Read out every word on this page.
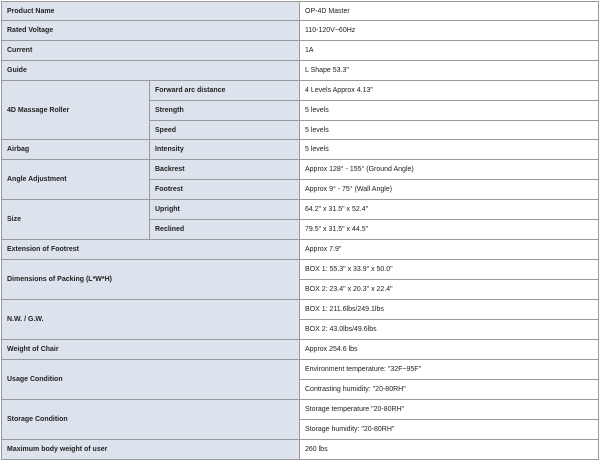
Product Name		OP-4D Master
Rated Voltage		110-120V~60Hz
Current		1A
Guide		L Shape 53.3"
4D Massage Roller	Forward arc distance	4 Levels Approx 4.13"
	Strength	5 levels
	Speed	5 levels
Airbag	Intensity	5 levels
Angle Adjustment	Backrest	Approx 128° - 155° (Ground Angle)
	Footrest	Approx 9° - 75° (Wall Angle)
Size	Upright	64.2" x 31.5" x 52.4"
	Reclined	79.5" x 31.5" x 44.5"
Extension of Footrest		Approx 7.9"
Dimensions of Packing (L*W*H)		BOX 1: 55.3" x 33.9" x 50.0"
		BOX 2: 23.4" x 20.3" x 22.4"
N.W. / G.W.		BOX 1: 211.6lbs/249.1lbs
		BOX 2: 43.0lbs/49.6lbs
Weight of Chair		Approx 254.6 lbs
Usage Condition		Environment temperature: "32F~95F"
		Contrasting humidity: "20-80RH"
Storage Condition		Storage temperature "20-80RH"
		Storage humidity: "20-80RH"
Maximum body weight of user		260 lbs
